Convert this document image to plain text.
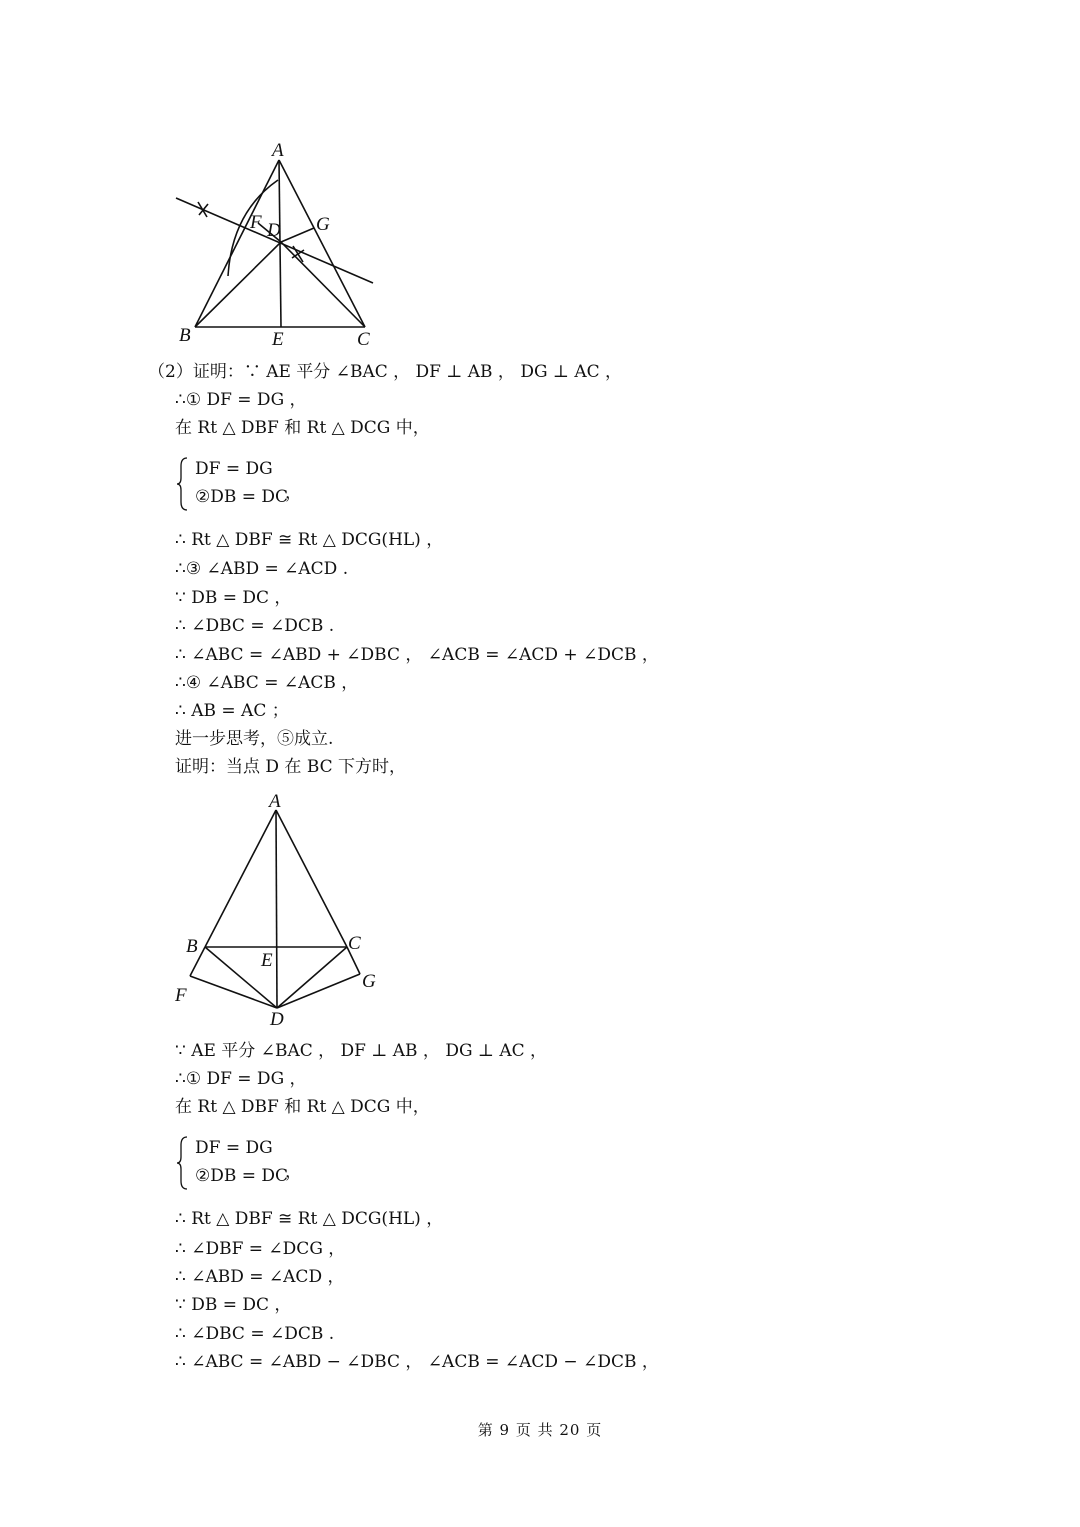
A
B	C
D
E
F	G
（2）证明：∵ AE 平分 ∠BAC ， DF ⊥ AB ， DG ⊥ AC ，
∴① DF = DG ，
在 Rt △ DBF 和 Rt △ DCG 中，
DF = DG
②DB = DC
，
∴ Rt △ DBF ≅ Rt △ DCG(HL) ，
∴③ ∠ABD = ∠ACD .
∵ DB = DC ，
∴ ∠DBC = ∠DCB .
∴ ∠ABC = ∠ABD + ∠DBC ， ∠ACB = ∠ACD + ∠DCB ，
∴④ ∠ABC = ∠ACB ，
∴ AB = AC ；
进一步思考，⑤成立.
证明：当点 D 在 BC 下方时，
A
B	C
D
E
F
G
∵ AE 平分 ∠BAC ， DF ⊥ AB ， DG ⊥ AC ，
∴① DF = DG ，
在 Rt △ DBF 和 Rt △ DCG 中，
DF = DG
②DB = DC
，
∴ Rt △ DBF ≅ Rt △ DCG(HL) ，
∴ ∠DBF = ∠DCG ，
∴ ∠ABD = ∠ACD ，
∵ DB = DC ，
∴ ∠DBC = ∠DCB .
∴ ∠ABC = ∠ABD − ∠DBC ， ∠ACB = ∠ACD − ∠DCB ，
第 9 页 共 20 页
